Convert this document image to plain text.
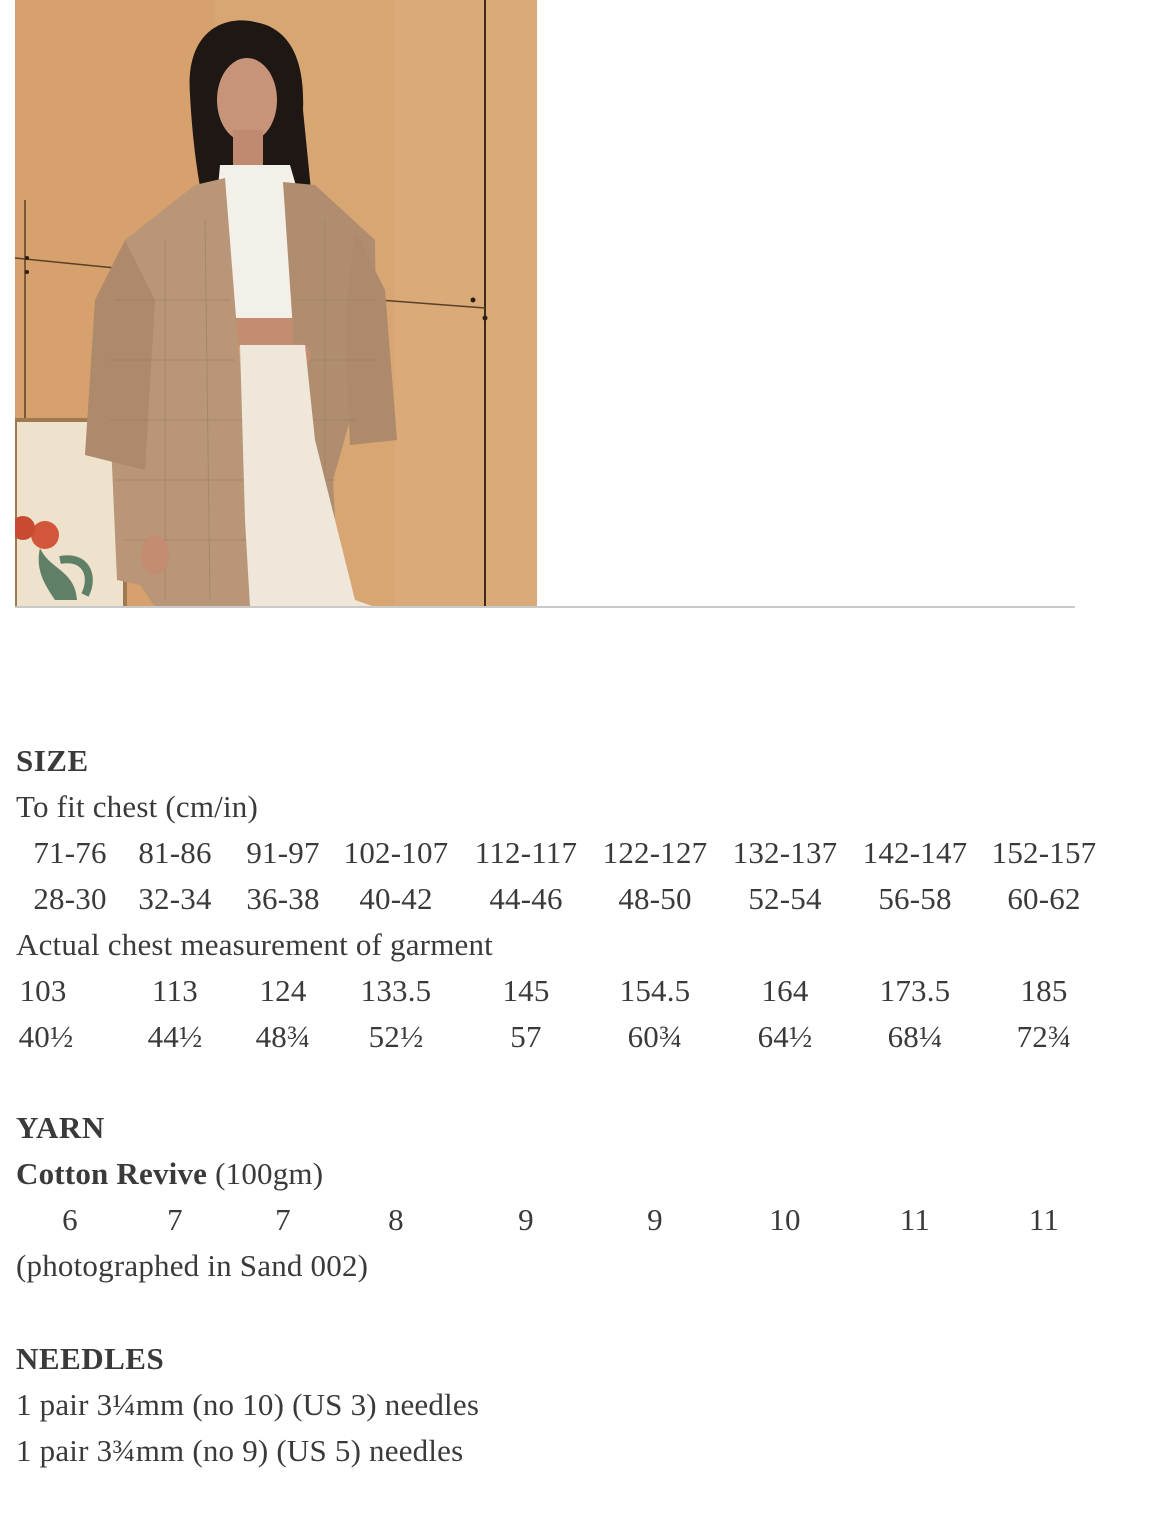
SIZE
To fit chest (cm/in)
71-76	81-86	91-97 102-107 112-117 122-127 132-137 142-147 152-157
28-30	32-34	36-38	40-42	44-46	48-50	52-54	56-58	60-62
Actual chest measurement of garment
103	113	124	133.5	145	154.5	164	173.5	185
40½	44½	48¾	52½	57	60¾	64½	68¼	72¾
YARN
Cotton Revive (100gm)
6	7	7	8	9	9	10	11	11
(photographed in Sand 002)
NEEDLES
1 pair 3¼mm (no 10) (US 3) needles
1 pair 3¾mm (no 9) (US 5) needles
